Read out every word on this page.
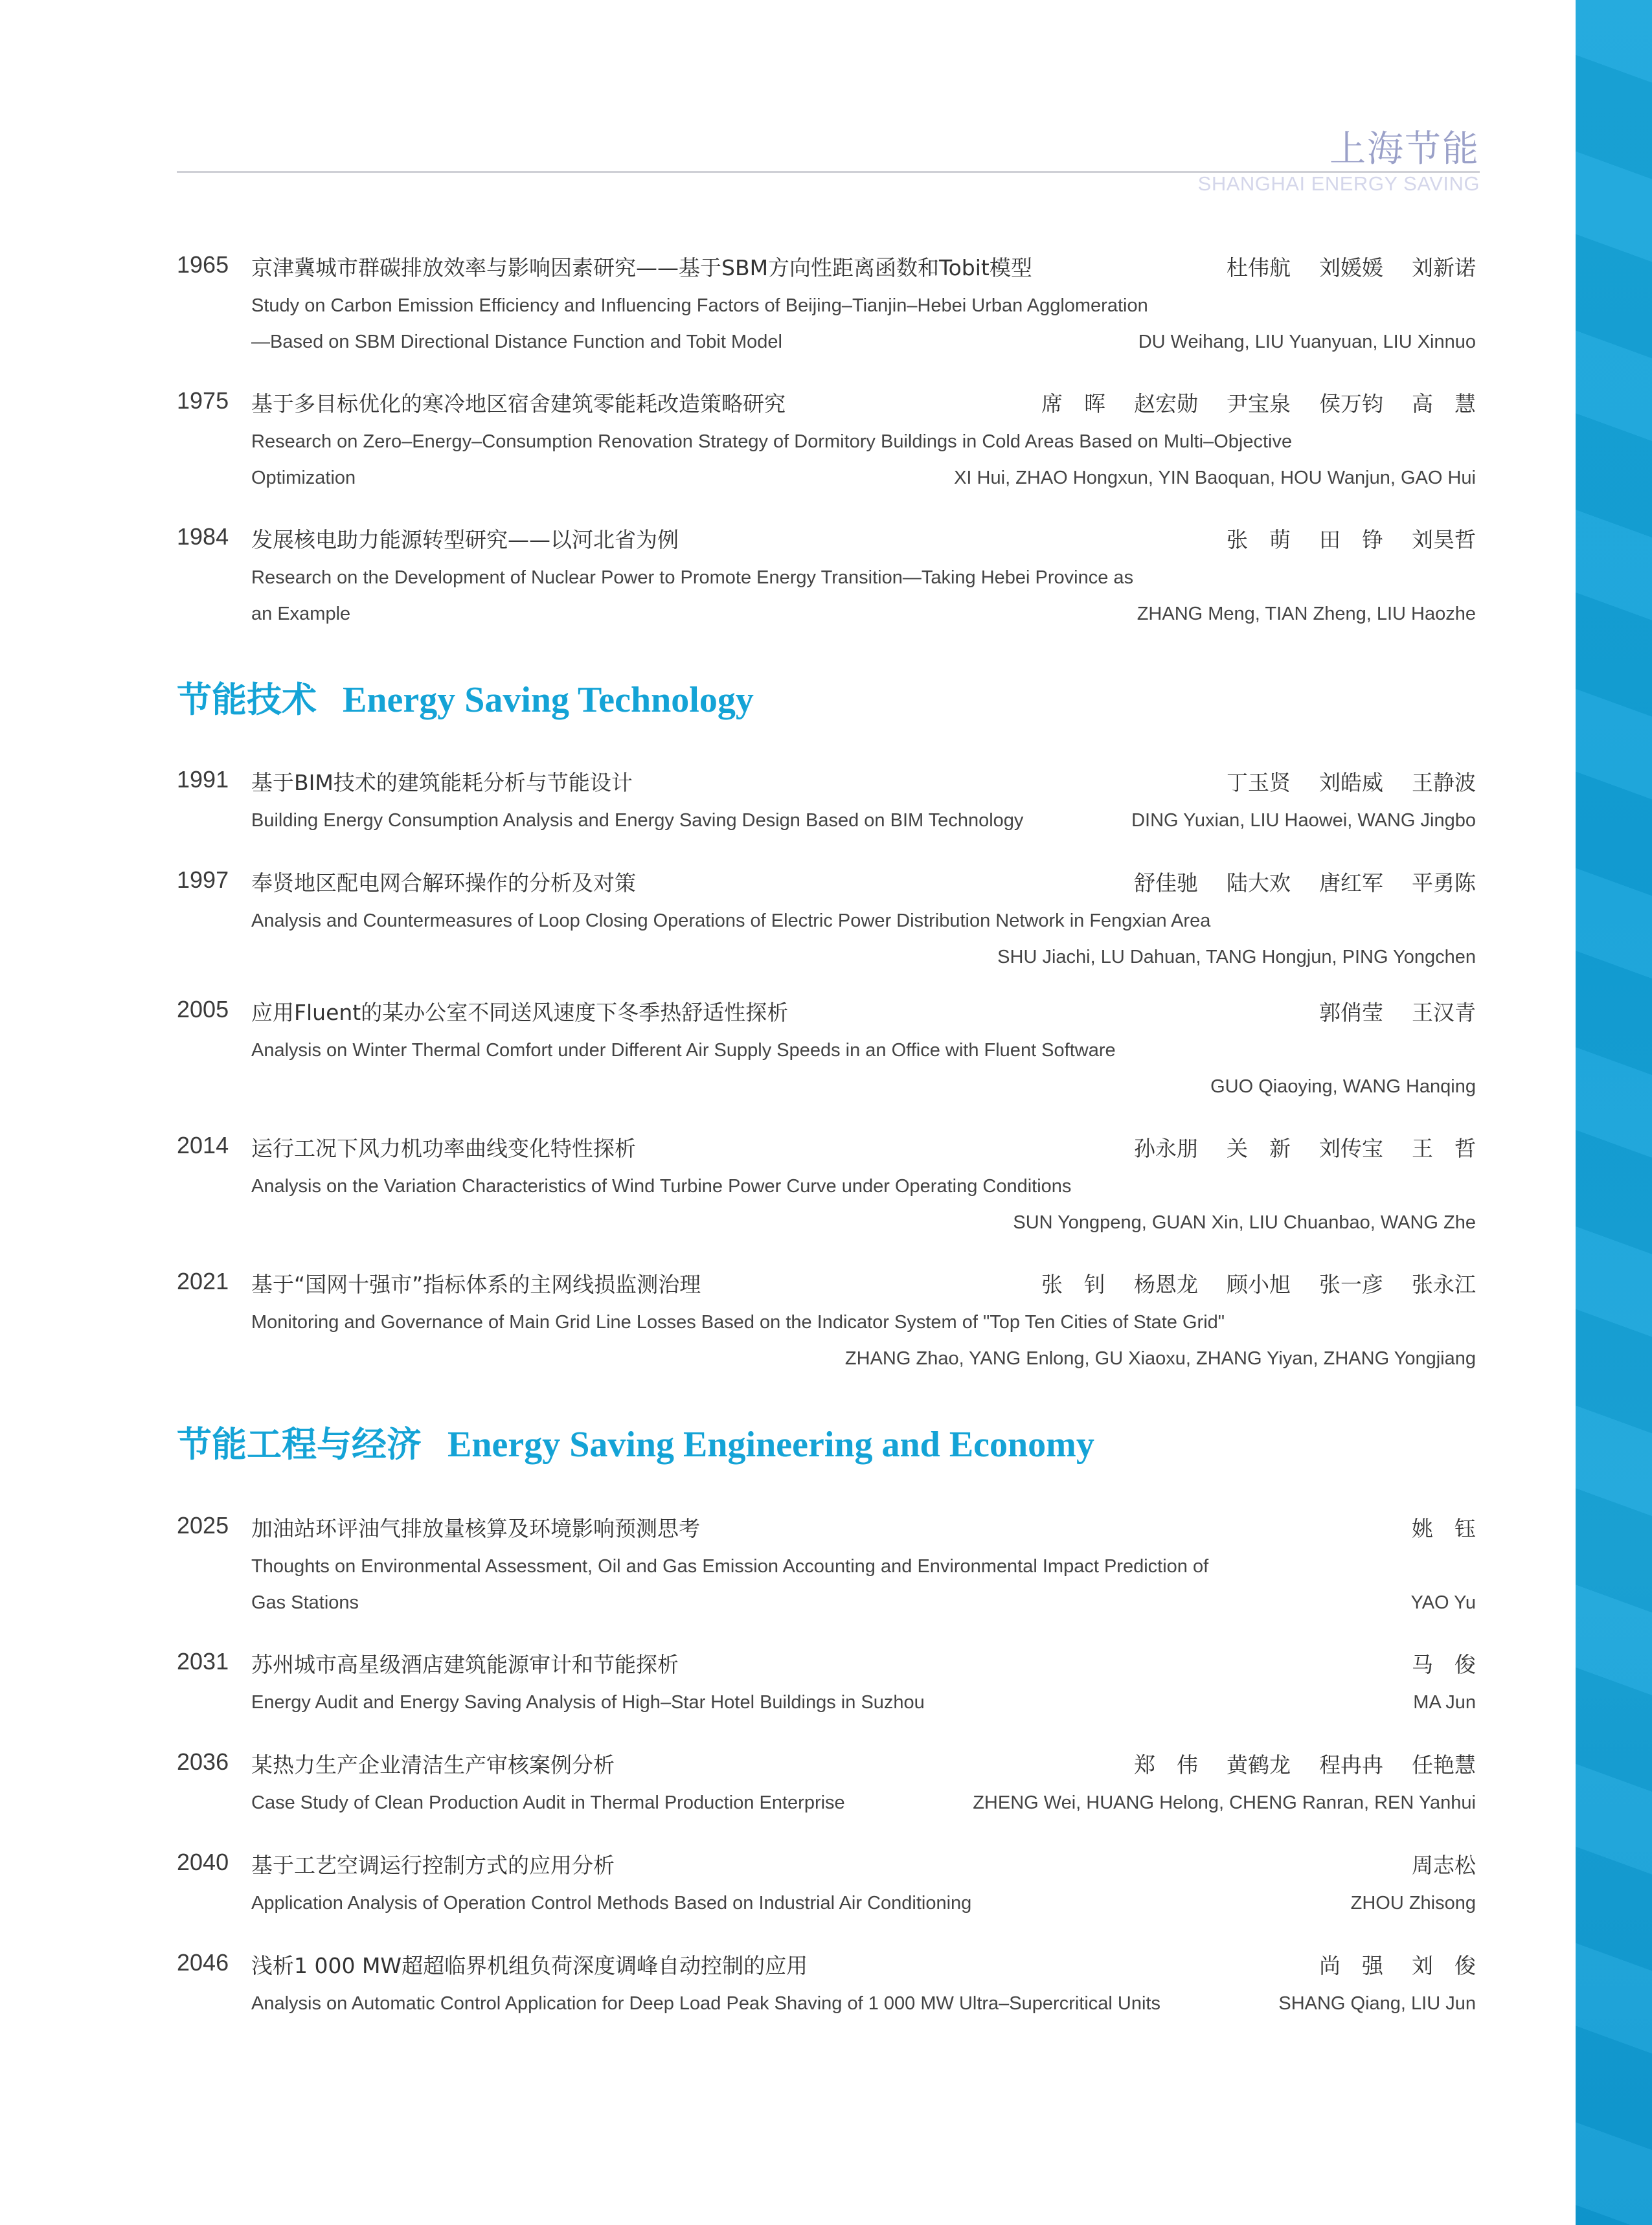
上海节能
SHANGHAI ENERGY SAVING
1965 京津冀城市群碳排放效率与影响因素研究——基于SBM方向性距离函数和Tobit模型	杜伟航 刘媛媛 刘新诺
Study on Carbon Emission Efficiency and Influencing Factors of Beijing–Tianjin–Hebei Urban Agglomeration
—Based on SBM Directional Distance Function and Tobit Model	DU Weihang, LIU Yuanyuan, LIU Xinnuo
1975 基于多目标优化的寒冷地区宿舍建筑零能耗改造策略研究	席　晖 赵宏勋 尹宝泉 侯万钧 高　慧
Research on Zero–Energy–Consumption Renovation Strategy of Dormitory Buildings in Cold Areas Based on Multi–Objective
Optimization	XI Hui, ZHAO Hongxun, YIN Baoquan, HOU Wanjun, GAO Hui
1984 发展核电助力能源转型研究——以河北省为例	张　萌 田　铮 刘昊哲
Research on the Development of Nuclear Power to Promote Energy Transition—Taking Hebei Province as
an Example	ZHANG Meng, TIAN Zheng, LIU Haozhe
节能技术 Energy Saving Technology
1991 基于BIM技术的建筑能耗分析与节能设计	丁玉贤 刘皓威 王静波
Building Energy Consumption Analysis and Energy Saving Design Based on BIM Technology	DING Yuxian, LIU Haowei, WANG Jingbo
1997 奉贤地区配电网合解环操作的分析及对策	舒佳驰 陆大欢 唐红军 平勇陈
Analysis and Countermeasures of Loop Closing Operations of Electric Power Distribution Network in Fengxian Area
SHU Jiachi, LU Dahuan, TANG Hongjun, PING Yongchen
2005 应用Fluent的某办公室不同送风速度下冬季热舒适性探析	郭俏莹 王汉青
Analysis on Winter Thermal Comfort under Different Air Supply Speeds in an Office with Fluent Software
GUO Qiaoying, WANG Hanqing
2014 运行工况下风力机功率曲线变化特性探析	孙永朋 关　新 刘传宝 王　哲
Analysis on the Variation Characteristics of Wind Turbine Power Curve under Operating Conditions
SUN Yongpeng, GUAN Xin, LIU Chuanbao, WANG Zhe
2021 基于“国网十强市”指标体系的主网线损监测治理	张　钊 杨恩龙 顾小旭 张一彦 张永江
Monitoring and Governance of Main Grid Line Losses Based on the Indicator System of "Top Ten Cities of State Grid"
ZHANG Zhao, YANG Enlong, GU Xiaoxu, ZHANG Yiyan, ZHANG Yongjiang
节能工程与经济 Energy Saving Engineering and Economy
2025 加油站环评油气排放量核算及环境影响预测思考	姚　钰
Thoughts on Environmental Assessment, Oil and Gas Emission Accounting and Environmental Impact Prediction of
Gas Stations	YAO Yu
2031 苏州城市高星级酒店建筑能源审计和节能探析	马　俊
Energy Audit and Energy Saving Analysis of High–Star Hotel Buildings in Suzhou	MA Jun
2036 某热力生产企业清洁生产审核案例分析	郑　伟 黄鹤龙 程冉冉 任艳慧
Case Study of Clean Production Audit in Thermal Production Enterprise	ZHENG Wei, HUANG Helong, CHENG Ranran, REN Yanhui
2040 基于工艺空调运行控制方式的应用分析	周志松
Application Analysis of Operation Control Methods Based on Industrial Air Conditioning	ZHOU Zhisong
2046 浅析1 000 MW超超临界机组负荷深度调峰自动控制的应用	尚　强 刘　俊
Analysis on Automatic Control Application for Deep Load Peak Shaving of 1 000 MW Ultra–Supercritical Units	SHANG Qiang, LIU Jun
